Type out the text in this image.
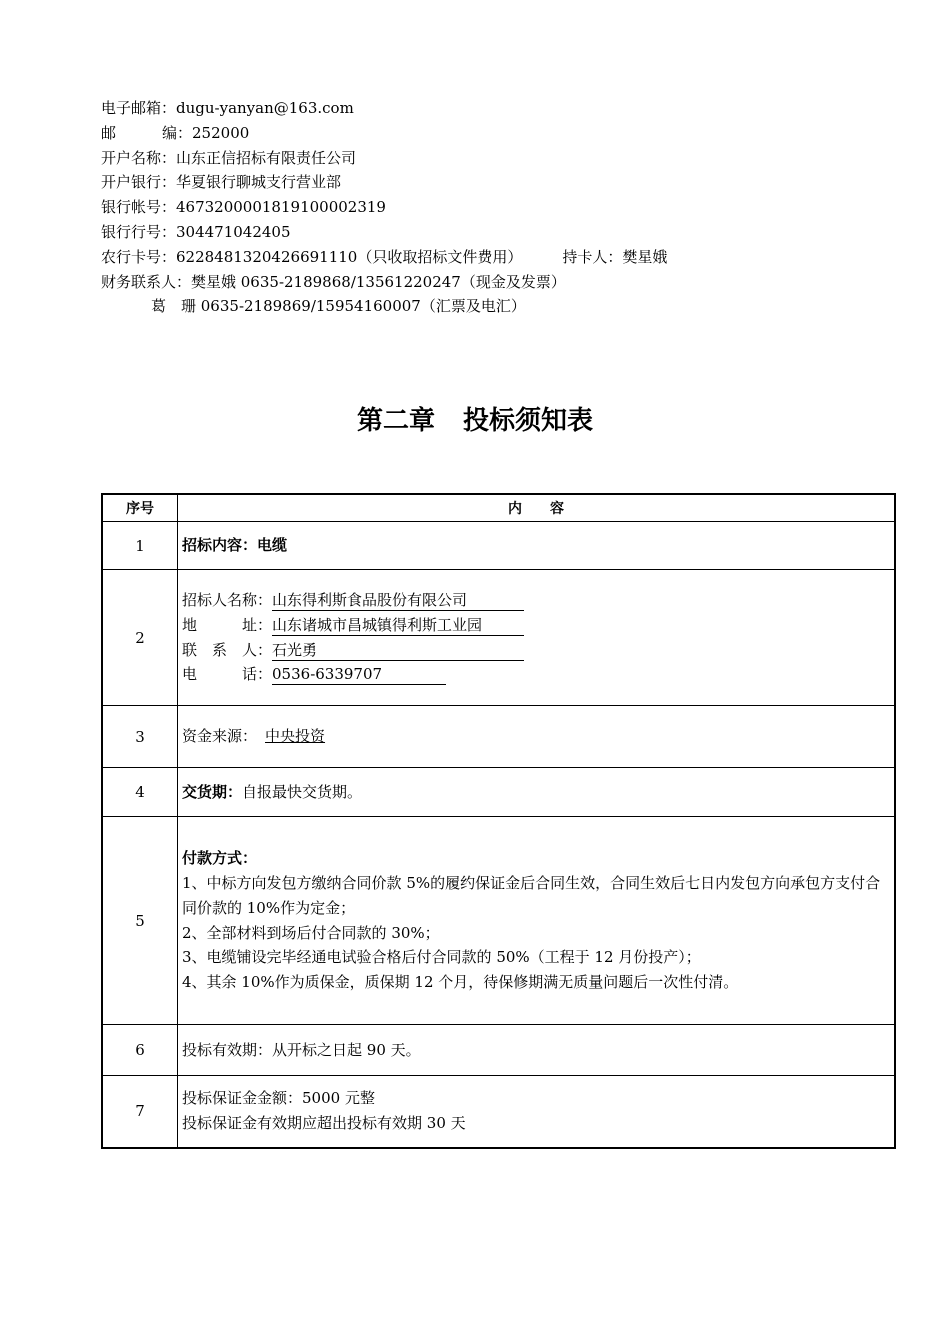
电子邮箱：dugu-yanyan@163.com
邮	编：252000
开户名称：山东正信招标有限责任公司
开户银行：华夏银行聊城支行营业部
银行帐号：4673200001819100002319
银行行号：304471042405
农行卡号：6228481320426691110（只收取招标文件费用）	持卡人：樊星娥
财务联系人：樊星娥 0635-2189868/13561220247（现金及发票）
葛　珊 0635-2189869/15954160007（汇票及电汇）
第二章 投标须知表
序号	内　　容
1	招标内容：电缆
2	招标人名称：山东得利斯食品股份有限公司
地　　　址：山东诸城市昌城镇得利斯工业园
联　系　人：石光勇
电　　　话：0536-6339707

3	资金来源： 中央投资
4	交货期：自报最快交货期。
5	付款方式：
1、中标方向发包方缴纳合同价款 5%的履约保证金后合同生效，合同生效后七日内发包方向承包方支付合同价款的 10%作为定金；
2、全部材料到场后付合同款的 30%；
3、电缆铺设完毕经通电试验合格后付合同款的 50%（工程于 12 月份投产）；
4、其余 10%作为质保金，质保期 12 个月，待保修期满无质量问题后一次性付清。

6	投标有效期：从开标之日起 90 天。
7	投标保证金金额：5000 元整
投标保证金有效期应超出投标有效期 30 天
